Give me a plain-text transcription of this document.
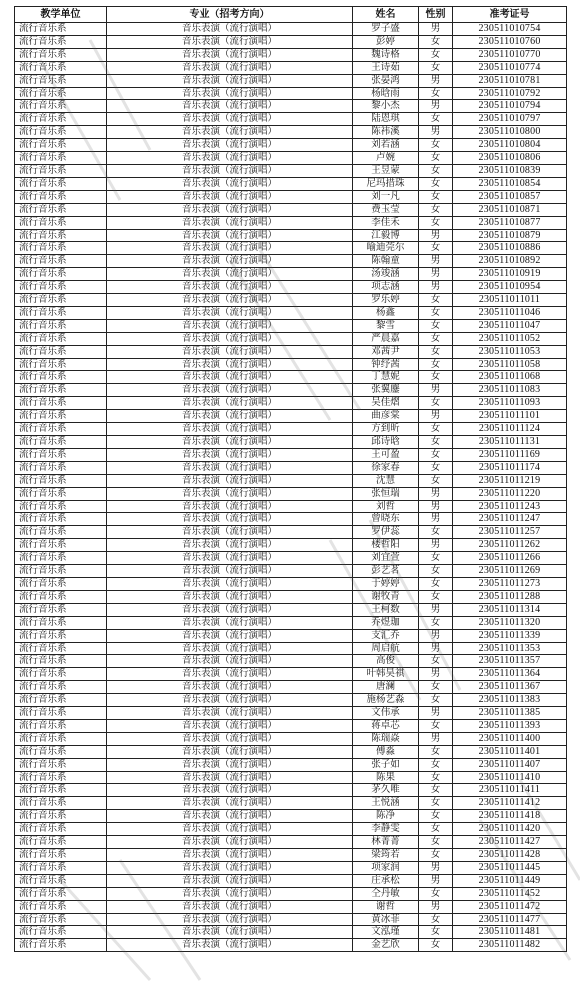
教学单位	专业（招考方向）	姓名	性别	准考证号
流行音乐系	音乐表演（流行演唱）	罗子盛	男	230511010754
流行音乐系	音乐表演（流行演唱）	彭婷	女	230511010760
流行音乐系	音乐表演（流行演唱）	魏诗格	女	230511010770
流行音乐系	音乐表演（流行演唱）	王诗茹	女	230511010774
流行音乐系	音乐表演（流行演唱）	张晏鸿	男	230511010781
流行音乐系	音乐表演（流行演唱）	杨晗雨	女	230511010792
流行音乐系	音乐表演（流行演唱）	黎小杰	男	230511010794
流行音乐系	音乐表演（流行演唱）	陆恩琪	女	230511010797
流行音乐系	音乐表演（流行演唱）	陈祎溪	男	230511010800
流行音乐系	音乐表演（流行演唱）	刘若涵	女	230511010804
流行音乐系	音乐表演（流行演唱）	卢婉	女	230511010806
流行音乐系	音乐表演（流行演唱）	王昱蒙	女	230511010839
流行音乐系	音乐表演（流行演唱）	尼玛措珠	女	230511010854
流行音乐系	音乐表演（流行演唱）	刘一凡	女	230511010857
流行音乐系	音乐表演（流行演唱）	费玉莹	女	230511010871
流行音乐系	音乐表演（流行演唱）	李佳禾	女	230511010877
流行音乐系	音乐表演（流行演唱）	江毅博	男	230511010879
流行音乐系	音乐表演（流行演唱）	喻迪莞尔	女	230511010886
流行音乐系	音乐表演（流行演唱）	陈翰童	男	230511010892
流行音乐系	音乐表演（流行演唱）	汤竣涵	男	230511010919
流行音乐系	音乐表演（流行演唱）	项志涵	男	230511010954
流行音乐系	音乐表演（流行演唱）	罗乐婷	女	230511011011
流行音乐系	音乐表演（流行演唱）	杨鑫	女	230511011046
流行音乐系	音乐表演（流行演唱）	黎雪	女	230511011047
流行音乐系	音乐表演（流行演唱）	严晨嘉	女	230511011052
流行音乐系	音乐表演（流行演唱）	邓茜尹	女	230511011053
流行音乐系	音乐表演（流行演唱）	钟纾茜	女	230511011058
流行音乐系	音乐表演（流行演唱）	丁慧妮	女	230511011068
流行音乐系	音乐表演（流行演唱）	张翼鏖	男	230511011083
流行音乐系	音乐表演（流行演唱）	吴佳熠	女	230511011093
流行音乐系	音乐表演（流行演唱）	曲彦棠	男	230511011101
流行音乐系	音乐表演（流行演唱）	方到昕	女	230511011124
流行音乐系	音乐表演（流行演唱）	邱诗晗	女	230511011131
流行音乐系	音乐表演（流行演唱）	王可盈	女	230511011169
流行音乐系	音乐表演（流行演唱）	徐家春	女	230511011174
流行音乐系	音乐表演（流行演唱）	沈慧	女	230511011219
流行音乐系	音乐表演（流行演唱）	张恒瑞	男	230511011220
流行音乐系	音乐表演（流行演唱）	刘哲	男	230511011243
流行音乐系	音乐表演（流行演唱）	曾晓东	男	230511011247
流行音乐系	音乐表演（流行演唱）	罗伊蕊	女	230511011257
流行音乐系	音乐表演（流行演唱）	楼哲阳	男	230511011262
流行音乐系	音乐表演（流行演唱）	刘宜萱	女	230511011266
流行音乐系	音乐表演（流行演唱）	彭艺茗	女	230511011269
流行音乐系	音乐表演（流行演唱）	于婷婷	女	230511011273
流行音乐系	音乐表演（流行演唱）	谢牧青	女	230511011288
流行音乐系	音乐表演（流行演唱）	王柯数	男	230511011314
流行音乐系	音乐表演（流行演唱）	乔煜珈	女	230511011320
流行音乐系	音乐表演（流行演唱）	支汇乔	男	230511011339
流行音乐系	音乐表演（流行演唱）	周启航	男	230511011353
流行音乐系	音乐表演（流行演唱）	高俊	女	230511011357
流行音乐系	音乐表演（流行演唱）	叶韩昊祺	男	230511011364
流行音乐系	音乐表演（流行演唱）	唐澜	女	230511011367
流行音乐系	音乐表演（流行演唱）	施杨艺淼	女	230511011383
流行音乐系	音乐表演（流行演唱）	文伟承	男	230511011385
流行音乐系	音乐表演（流行演唱）	蒋卓芯	女	230511011393
流行音乐系	音乐表演（流行演唱）	陈瑞焱	男	230511011400
流行音乐系	音乐表演（流行演唱）	傅淼	女	230511011401
流行音乐系	音乐表演（流行演唱）	张子如	女	230511011407
流行音乐系	音乐表演（流行演唱）	陈果	女	230511011410
流行音乐系	音乐表演（流行演唱）	茅久唯	女	230511011411
流行音乐系	音乐表演（流行演唱）	王悦涵	女	230511011412
流行音乐系	音乐表演（流行演唱）	陈净	女	230511011418
流行音乐系	音乐表演（流行演唱）	李静雯	女	230511011420
流行音乐系	音乐表演（流行演唱）	林菁菁	女	230511011427
流行音乐系	音乐表演（流行演唱）	梁筠若	女	230511011428
流行音乐系	音乐表演（流行演唱）	项家润	男	230511011445
流行音乐系	音乐表演（流行演唱）	庄承松	男	230511011449
流行音乐系	音乐表演（流行演唱）	仝丹敏	女	230511011452
流行音乐系	音乐表演（流行演唱）	谢哲	男	230511011472
流行音乐系	音乐表演（流行演唱）	黄冰菲	女	230511011477
流行音乐系	音乐表演（流行演唱）	文泓瑾	女	230511011481
流行音乐系	音乐表演（流行演唱）	金艺欣	女	230511011482
